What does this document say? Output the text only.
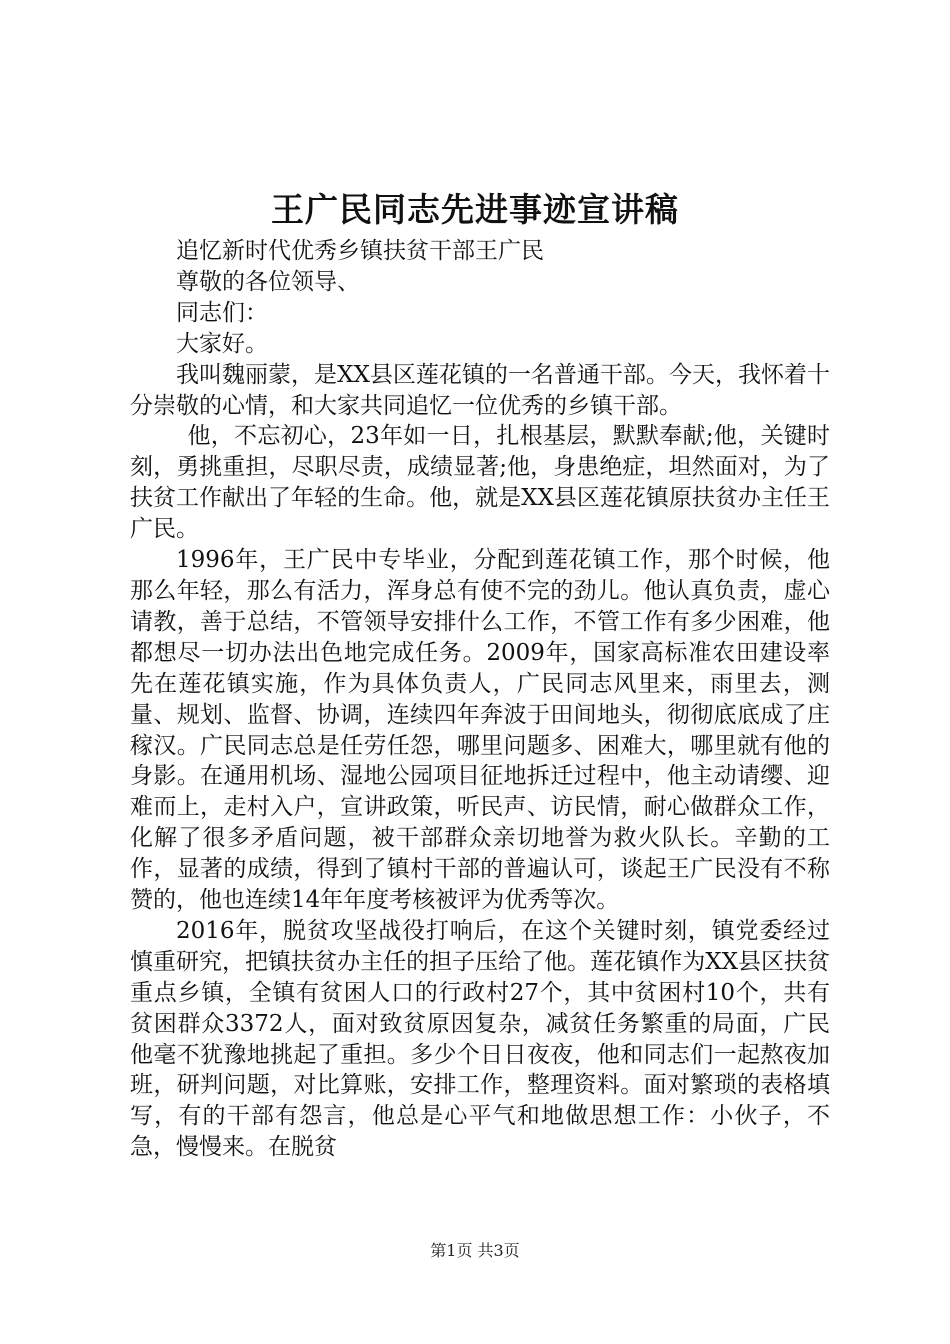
王广民同志先进事迹宣讲稿

追忆新时代优秀乡镇扶贫干部王广民

尊敬的各位领导、

同志们：

大家好。

我叫魏丽蒙，是XX县区莲花镇的一名普通干部。今天，我怀着十分崇敬的心情，和大家共同追忆一位优秀的乡镇干部。

他，不忘初心，23年如一日，扎根基层，默默奉献;他，关键时刻，勇挑重担，尽职尽责，成绩显著;他，身患绝症，坦然面对，为了扶贫工作献出了年轻的生命。他，就是XX县区莲花镇原扶贫办主任王广民。

1996年，王广民中专毕业，分配到莲花镇工作，那个时候，他那么年轻，那么有活力，浑身总有使不完的劲儿。他认真负责，虚心请教，善于总结，不管领导安排什么工作，不管工作有多少困难，他都想尽一切办法出色地完成任务。2009年，国家高标准农田建设率先在莲花镇实施，作为具体负责人，广民同志风里来，雨里去，测量、规划、监督、协调，连续四年奔波于田间地头，彻彻底底成了庄稼汉。广民同志总是任劳任怨，哪里问题多、困难大，哪里就有他的身影。在通用机场、湿地公园项目征地拆迁过程中，他主动请缨、迎难而上，走村入户，宣讲政策，听民声、访民情，耐心做群众工作，化解了很多矛盾问题，被干部群众亲切地誉为救火队长。辛勤的工作，显著的成绩，得到了镇村干部的普遍认可，谈起王广民没有不称赞的，他也连续14年年度考核被评为优秀等次。

2016年，脱贫攻坚战役打响后，在这个关键时刻，镇党委经过慎重研究，把镇扶贫办主任的担子压给了他。莲花镇作为XX县区扶贫重点乡镇，全镇有贫困人口的行政村27个，其中贫困村10个，共有贫困群众3372人，面对致贫原因复杂，减贫任务繁重的局面，广民他毫不犹豫地挑起了重担。多少个日日夜夜，他和同志们一起熬夜加班，研判问题，对比算账，安排工作，整理资料。面对繁琐的表格填写，有的干部有怨言，他总是心平气和地做思想工作：小伙子，不急，慢慢来。在脱贫

第1页 共3页
